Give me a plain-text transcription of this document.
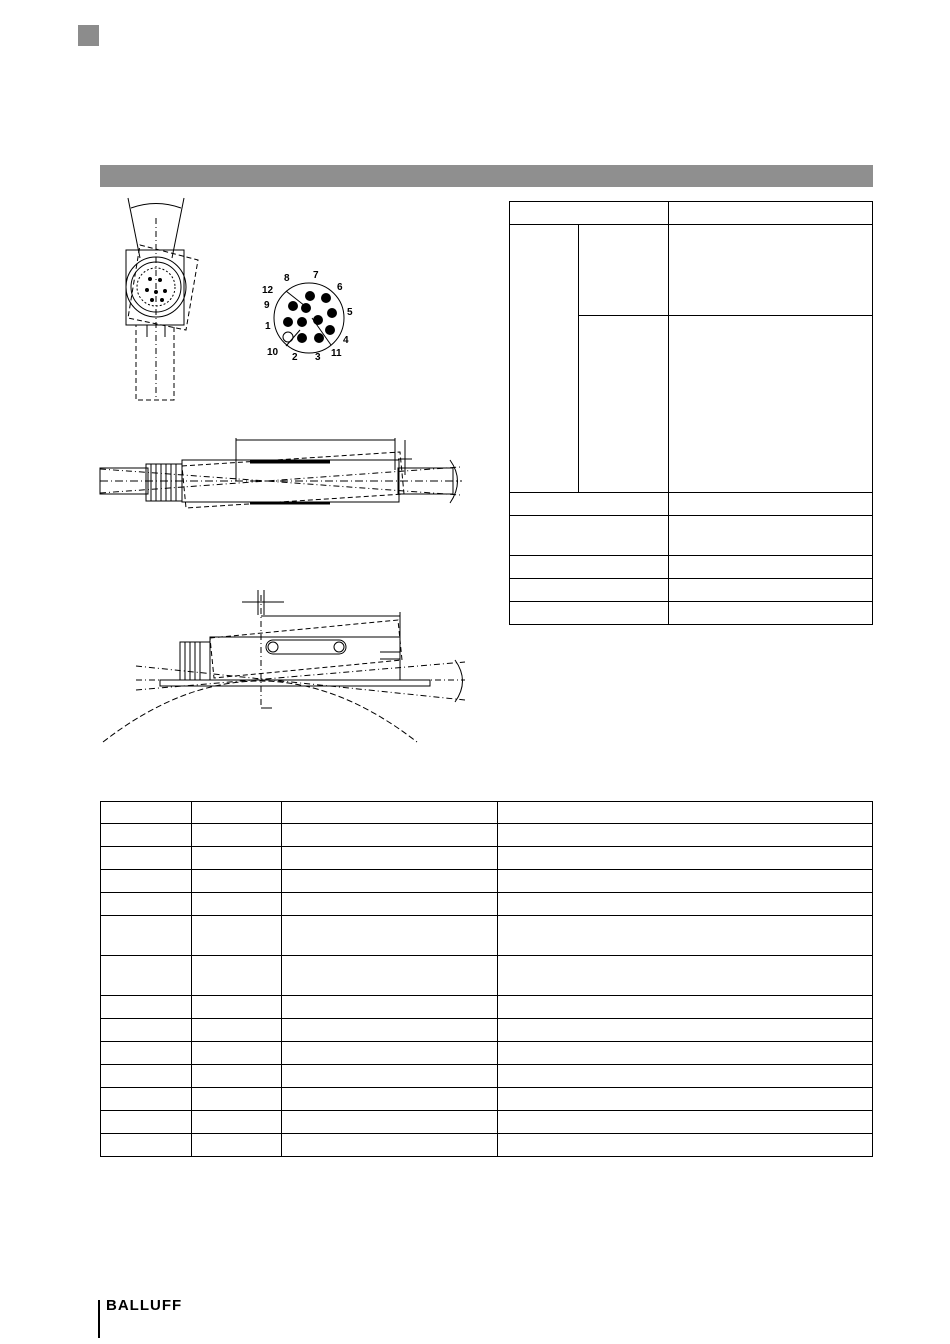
1
2 3
4
5
6
7
8
9
10	11
12

BALLUFF
